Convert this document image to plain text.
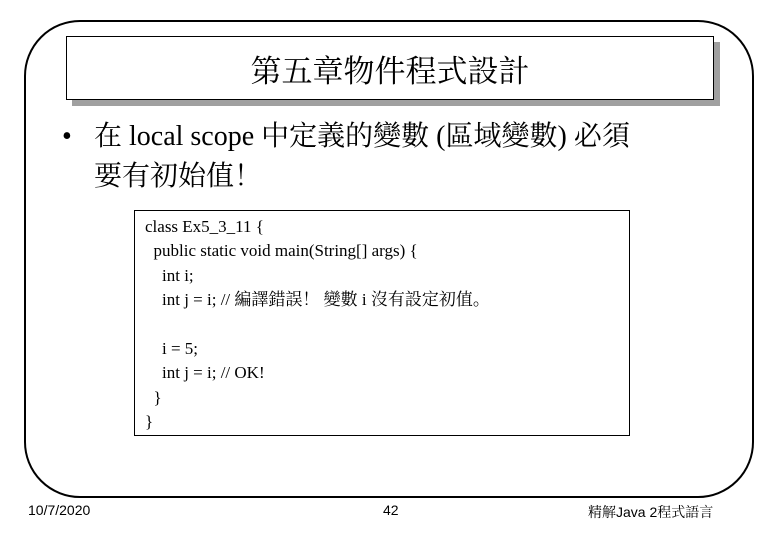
第五章物件程式設計
• 在 local scope 中定義的變數 (區域變數) 必須
要有初始值！
class Ex5_3_11 {
public static void main(String[] args) {
int i;
int j = i; // 編譯錯誤！ 變數 i 沒有設定初值。
i = 5;
int j = i; // OK!
}
}
10/7/2020	42	精解Java 2程式語言
